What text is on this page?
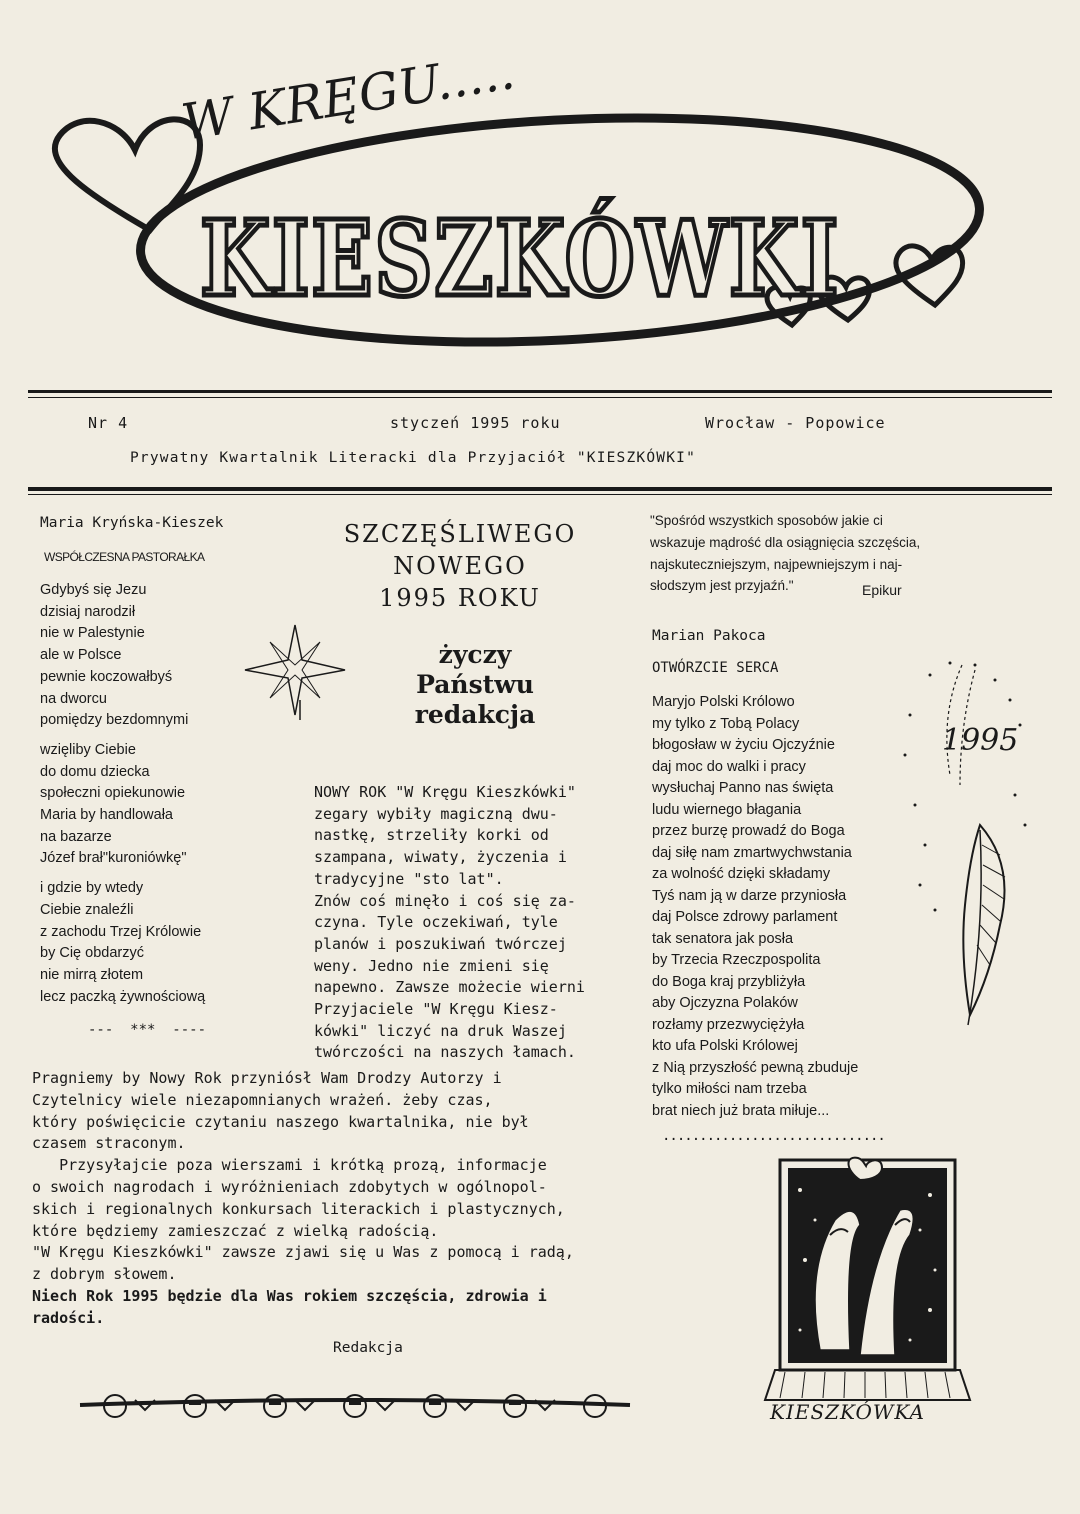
W KRĘGU.....
KIESZKÓWKI
Nr 4	styczeń 1995 roku	Wrocław - Popowice
Prywatny Kwartalnik Literacki dla Przyjaciół "KIESZKÓWKI"
Maria Kryńska-Kieszek
WSPÓŁCZESNA PASTORAŁKA
Gdybyś się Jezu
dzisiaj narodził
nie w Palestynie
ale w Polsce
pewnie koczowałbyś
na dworcu
pomiędzy bezdomnymi
wzięliby Ciebie
do domu dziecka
społeczni opiekunowie
Maria by handlowała
na bazarze
Józef brał"kuroniówkę"
i gdzie by wtedy
Ciebie znaleźli
z zachodu Trzej Królowie
by Cię obdarzyć
nie mirrą złotem
lecz paczką żywnościową
---  ***  ----
SZCZĘŚLIWEGO
NOWEGO
1995 ROKU
życzy
Państwu
redakcja
NOWY ROK "W Kręgu Kieszkówki"
zegary wybiły magiczną dwu-
nastkę, strzeliły korki od
szampana, wiwaty, życzenia i
tradycyjne "sto lat".
Znów coś minęło i coś się za-
czyna. Tyle oczekiwań, tyle
planów i poszukiwań twórczej
weny. Jedno nie zmieni się
napewno. Zawsze możecie wierni
Przyjaciele "W Kręgu Kiesz-
kówki" liczyć na druk Waszej
twórczości na naszych łamach.
Pragniemy by Nowy Rok przyniósł Wam Drodzy Autorzy i
Czytelnicy wiele niezapomnianych wrażeń. żeby czas,
który poświęcicie czytaniu naszego kwartalnika, nie był
czasem straconym.
Przysyłajcie poza wierszami i krótką prozą, informacje
o swoich nagrodach i wyróżnieniach zdobytych w ogólnopol-
skich i regionalnych konkursach literackich i plastycznych,
które będziemy zamieszczać z wielką radością.
"W Kręgu Kieszkówki" zawsze zjawi się u Was z pomocą i radą,
z dobrym słowem.
Niech Rok 1995 będzie dla Was rokiem szczęścia, zdrowia i
radości.
Redakcja
"Spośród wszystkich sposobów jakie ci
wskazuje mądrość dla osiągnięcia szczęścia,
najskuteczniejszym, najpewniejszym i naj-
słodszym jest przyjaźń."	Epikur
Marian Pakoca
OTWÓRZCIE SERCA
Maryjo Polski Królowo
my tylko z Tobą Polacy
błogosław w życiu Ojczyźnie
daj moc do walki i pracy
wysłuchaj Panno nas święta
ludu wiernego błagania
przez burzę prowadź do Boga
daj siłę nam zmartwychwstania
za wolność dzięki składamy
Tyś nam ją w darze przyniosła
daj Polsce zdrowy parlament
tak senatora jak posła
by Trzecia Rzeczpospolita
do Boga kraj przybliżyła
aby Ojczyzna Polaków
rozłamy przezwyciężyła
kto ufa Polski Królowej
z Nią przyszłość pewną zbuduje
tylko miłości nam trzeba
brat niech już brata miłuje...
..............................
1995
KIESZKÓWKA
